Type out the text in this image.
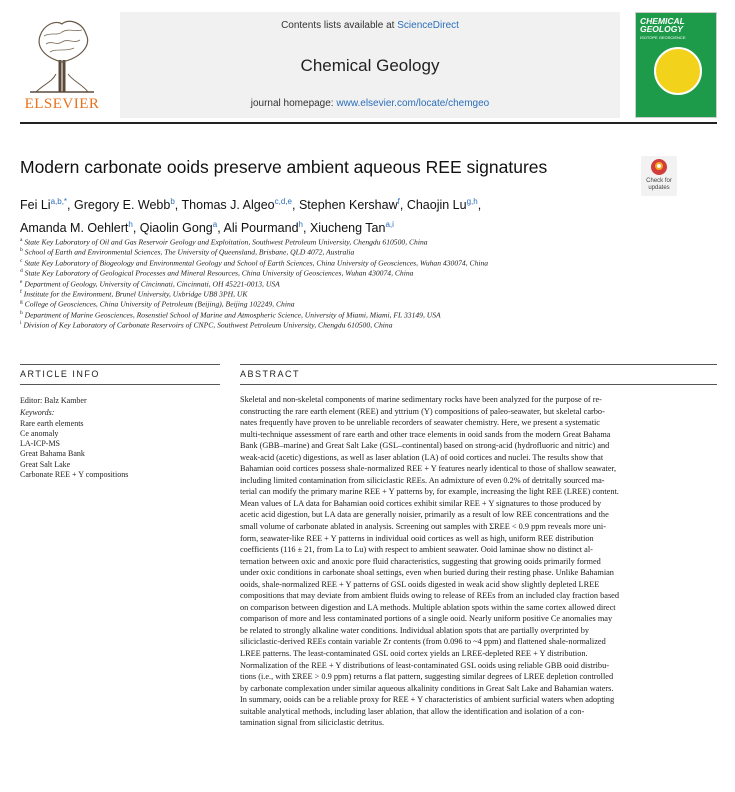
ELSEVIER
Contents lists available at ScienceDirect
Chemical Geology
journal homepage: www.elsevier.com/locate/chemgeo
CHEMICAL
GEOLOGY
ISOTOPE GEOSCIENCE
Modern carbonate ooids preserve ambient aqueous REE signatures
Check for
updates
Fei $Li^{a,b,*}$, Gregory E. Webb$^b$, Thomas J. Algeo$^{c,d,e}$, Stephen Kershaw$^f$, Chaojin Lu$^{g,h}$,
Amanda M. Oehlert$^h$, Qiaolin Gong$^a$, Ali Pourmand$^h$, Xiucheng Tan$^{a,i}$
$^a$ State Key Laboratory of Oil and Gas Reservoir Geology and Exploitation, Southwest Petroleum University, Chengdu 610500, China
$^b$ School of Earth and Environmental Sciences, The University of Queensland, Brisbane, QLD 4072, Australia
$^c$ State Key Laboratory of Biogeology and Environmental Geology and School of Earth Sciences, China University of Geosciences, Wuhan 430074, China
$^d$ State Key Laboratory of Geological Processes and Mineral Resources, China University of Geosciences, Wuhan 430074, China
$^e$ Department of Geology, University of Cincinnati, Cincinnati, OH 45221-0013, USA
$^f$ Institute for the Environment, Brunel University, Uxbridge UB8 3PH, UK
$^g$ College of Geosciences, China University of Petroleum (Beijing), Beijing 102249, China
$^h$ Department of Marine Geosciences, Rosenstiel School of Marine and Atmospheric Science, University of Miami, Miami, FL 33149, USA
$^i$ Division of Key Laboratory of Carbonate Reservoirs of CNPC, Southwest Petroleum University, Chengdu 610500, China
ARTICLE INFO	ABSTRACT
Editor: Balz Kamber
Keywords:
Rare earth elements
Ce anomaly
LA-ICP-MS
Great Bahama Bank
Great Salt Lake
Carbonate REE + Y compositions
Skeletal and non-skeletal components of marine sedimentary rocks have been analyzed for the purpose of re-
constructing the rare earth element (REE) and yttrium (Y) compositions of paleo-seawater, but skeletal carbo-
nates frequently have proven to be unreliable recorders of seawater chemistry. Here, we present a systematic
multi-technique assessment of rare earth and other trace elements in ooid sands from the modern Great Bahama
Bank (GBB–marine) and Great Salt Lake (GSL–continental) based on strong-acid (hydrofluoric and nitric) and
weak-acid (acetic) digestions, as well as laser ablation (LA) of ooid cortices and nuclei. The results show that
Bahamian ooid cortices possess shale-normalized REE + Y features nearly identical to those of shallow seawater,
including limited contamination from siliciclastic REEs. An admixture of even 0.2% of detritally sourced ma-
terial can modify the primary marine REE + Y patterns by, for example, increasing the light REE (LREE) content.
Mean values of LA data for Bahamian ooid cortices exhibit similar REE + Y signatures to those produced by
acetic acid digestion, but LA data are generally noisier, primarily as a result of low REE concentrations and the
small volume of carbonate ablated in analysis. Screening out samples with ΣREE < 0.9 ppm reveals more uni-
form, seawater-like REE + Y patterns in individual ooid cortices as well as high, uniform REE distribution
coefficients (116 ± 21, from La to Lu) with respect to ambient seawater. Ooid laminae show no distinct al-
ternation between oxic and anoxic pore fluid characteristics, suggesting that growing ooids primarily formed
under oxic conditions in carbonate shoal settings, even when buried during their resting phase. Unlike Bahamian
ooids, shale-normalized REE + Y patterns of GSL ooids digested in weak acid show slightly depleted LREE
compositions that may deviate from ambient fluids owing to release of REEs from an included clay fraction based
on comparison between digestion and LA methods. Multiple ablation spots within the same cortex allowed direct
comparison of more and less contaminated portions of a single ooid. Nearly uniform positive Ce anomalies may
be related to strongly alkaline water conditions. Individual ablation spots that are partially overprinted by
siliciclastic-derived REEs contain variable Zr contents (from 0.096 to ~4 ppm) and flattened shale-normalized
LREE patterns. The least-contaminated GSL ooid cortex yields an LREE-depleted REE + Y distribution.
Normalization of the REE + Y distributions of least-contaminated GSL ooids using reliable GBB ooid distribu-
tions (i.e., with ΣREE > 0.9 ppm) returns a flat pattern, suggesting similar degrees of LREE depletion controlled
by carbonate complexation under similar aqueous alkalinity conditions in Great Salt Lake and Bahamian waters.
In summary, ooids can be a reliable proxy for REE + Y characteristics of ambient surficial waters when adopting
suitable analytical methods, including laser ablation, that allow the identification and isolation of a con-
tamination signal from siliciclastic detritus.
